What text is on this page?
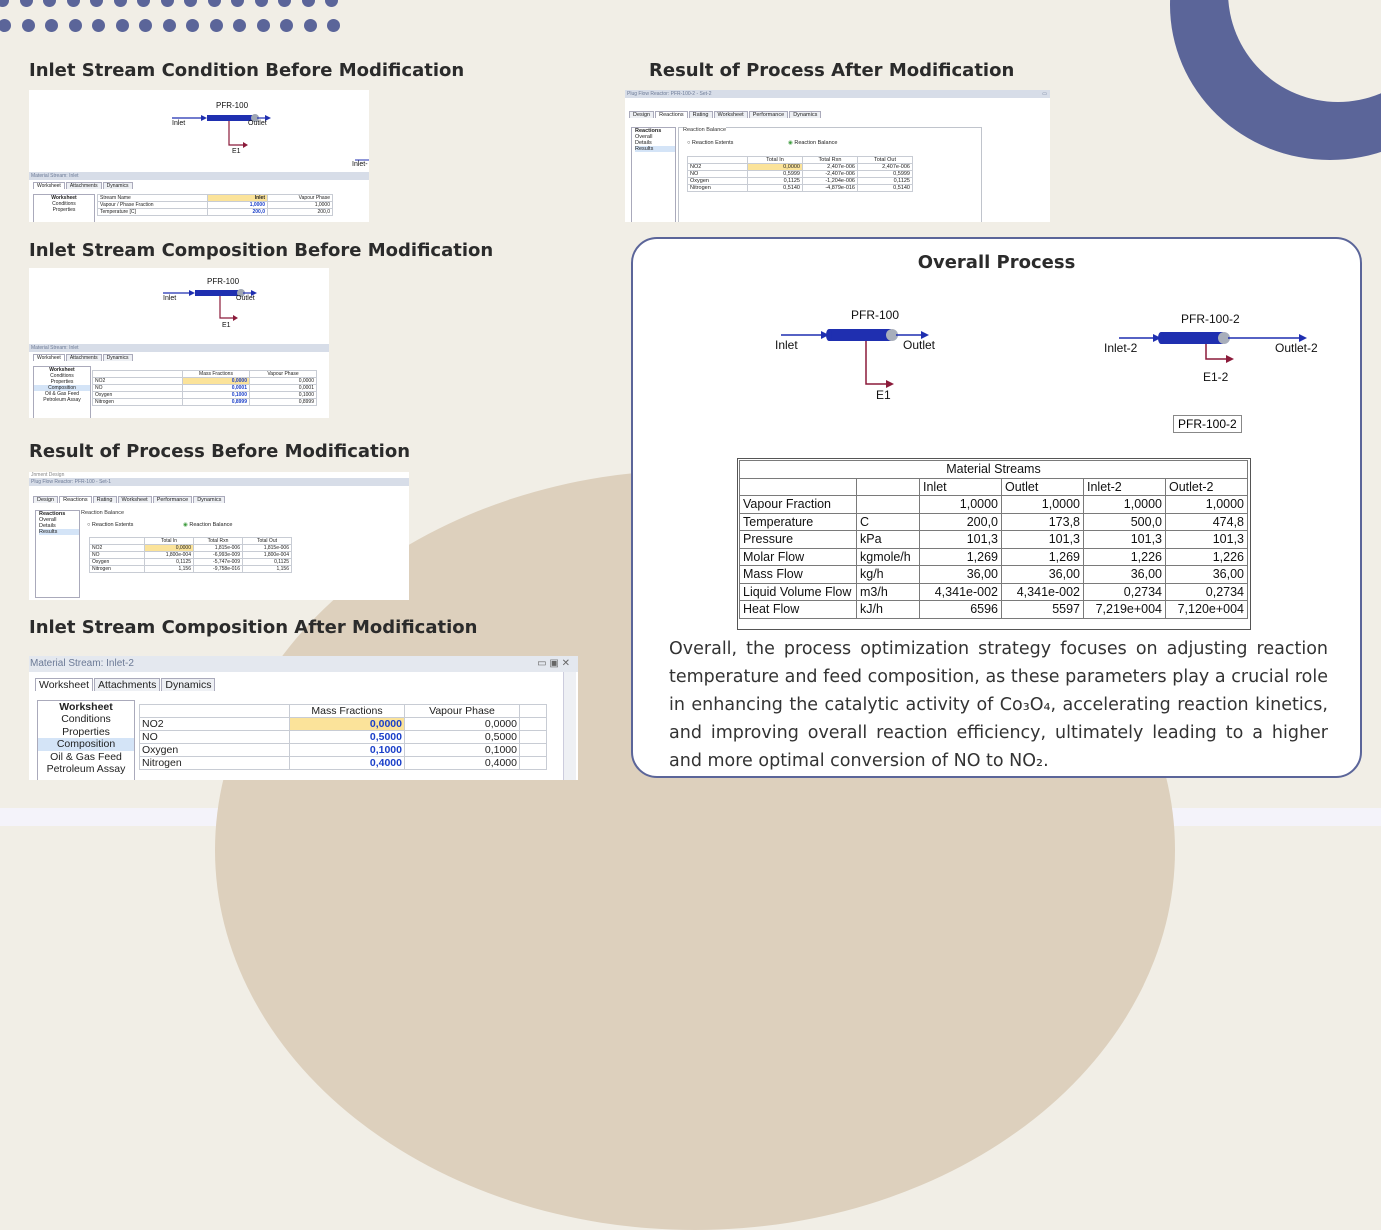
Inlet Stream Condition Before Modification
Inlet Stream Composition Before Modification
Result of Process Before Modification
Inlet Stream Composition After Modification
Result of Process After Modification
PFR-100
Inlet	Outlet
E1
Inlet-
Material Stream: Inlet
Worksheet	Attachments	Dynamics
Worksheet
Conditions
Properties
Stream Name	Inlet	Vapour Phase
Vapour / Phase Fraction	1,0000	1,0000
Temperature [C]	200,0	200,0
PFR-100
Inlet	Outlet
E1
Material Stream: Inlet
Worksheet	Attachments	Dynamics
Worksheet
Conditions
Properties
Composition
Oil & Gas Feed
Petroleum Assay
	Mass Fractions	Vapour Phase
NO2	0,0000	0,0000
NO	0,0001	0,0001
Oxygen	0,1000	0,1000
Nitrogen	0,8999	0,8999
Jnment Design
Plug Flow Reactor: PFR-100 - Set-1
Design	Reactions	Rating	Worksheet	Performance	Dynamics
Reactions
Overall
Details
Results
Reaction Balance
○ Reaction Extents	◉ Reaction Balance
	Total In	Total Rxn	Total Out
NO2	0,0000	1,815e-006	1,815e-006
NO	1,800e-004	-6,993e-009	1,800e-004
Oxygen	0,1125	-5,747e-009	0,1125
Nitrogen	1,156	-9,758e-016	1,156
Material Stream: Inlet-2	▭ ▣ ✕
Worksheet Attachments Dynamics
Worksheet
Conditions
Properties
Composition
Oil & Gas Feed
Petroleum Assay
	Mass Fractions	Vapour Phase	
NO2	0,0000	0,0000	
NO	0,5000	0,5000	
Oxygen	0,1000	0,1000	
Nitrogen	0,4000	0,4000	
Plug Flow Reactor: PFR-100-2 - Set-2	▭
Design	Reactions	Rating	Worksheet	Performance	Dynamics
Reactions
Overall
Details
Results
Reaction Balance
○ Reaction Extents	◉ Reaction Balance
	Total In	Total Rxn	Total Out
NO2	0,0000	2,407e-006	2,407e-006
NO	0,5999	-2,407e-006	0,5999
Oxygen	0,1125	-1,204e-006	0,1125
Nitrogen	0,5140	-4,879e-016	0,5140
Overall Process
PFR-100
Inlet	Outlet
E1
PFR-100-2
Inlet-2	Outlet-2
E1-2
PFR-100-2
Material Streams					
		Inlet	Outlet	Inlet-2	Outlet-2
Vapour Fraction		1,0000	1,0000	1,0000	1,0000
Temperature	C	200,0	173,8	500,0	474,8
Pressure	kPa	101,3	101,3	101,3	101,3
Molar Flow	kgmole/h	1,269	1,269	1,226	1,226
Mass Flow	kg/h	36,00	36,00	36,00	36,00
Liquid Volume Flow	m3/h	4,341e-002	4,341e-002	0,2734	0,2734
Heat Flow	kJ/h	6596	5597	7,219e+004	7,120e+004
Overall, the process optimization strategy focuses on adjusting reaction temperature and feed composition, as these parameters play a crucial role in enhancing the catalytic activity of Co₃O₄, accelerating reaction kinetics, and improving overall reaction efficiency, ultimately leading to a higher and more optimal conversion of NO to NO₂.
